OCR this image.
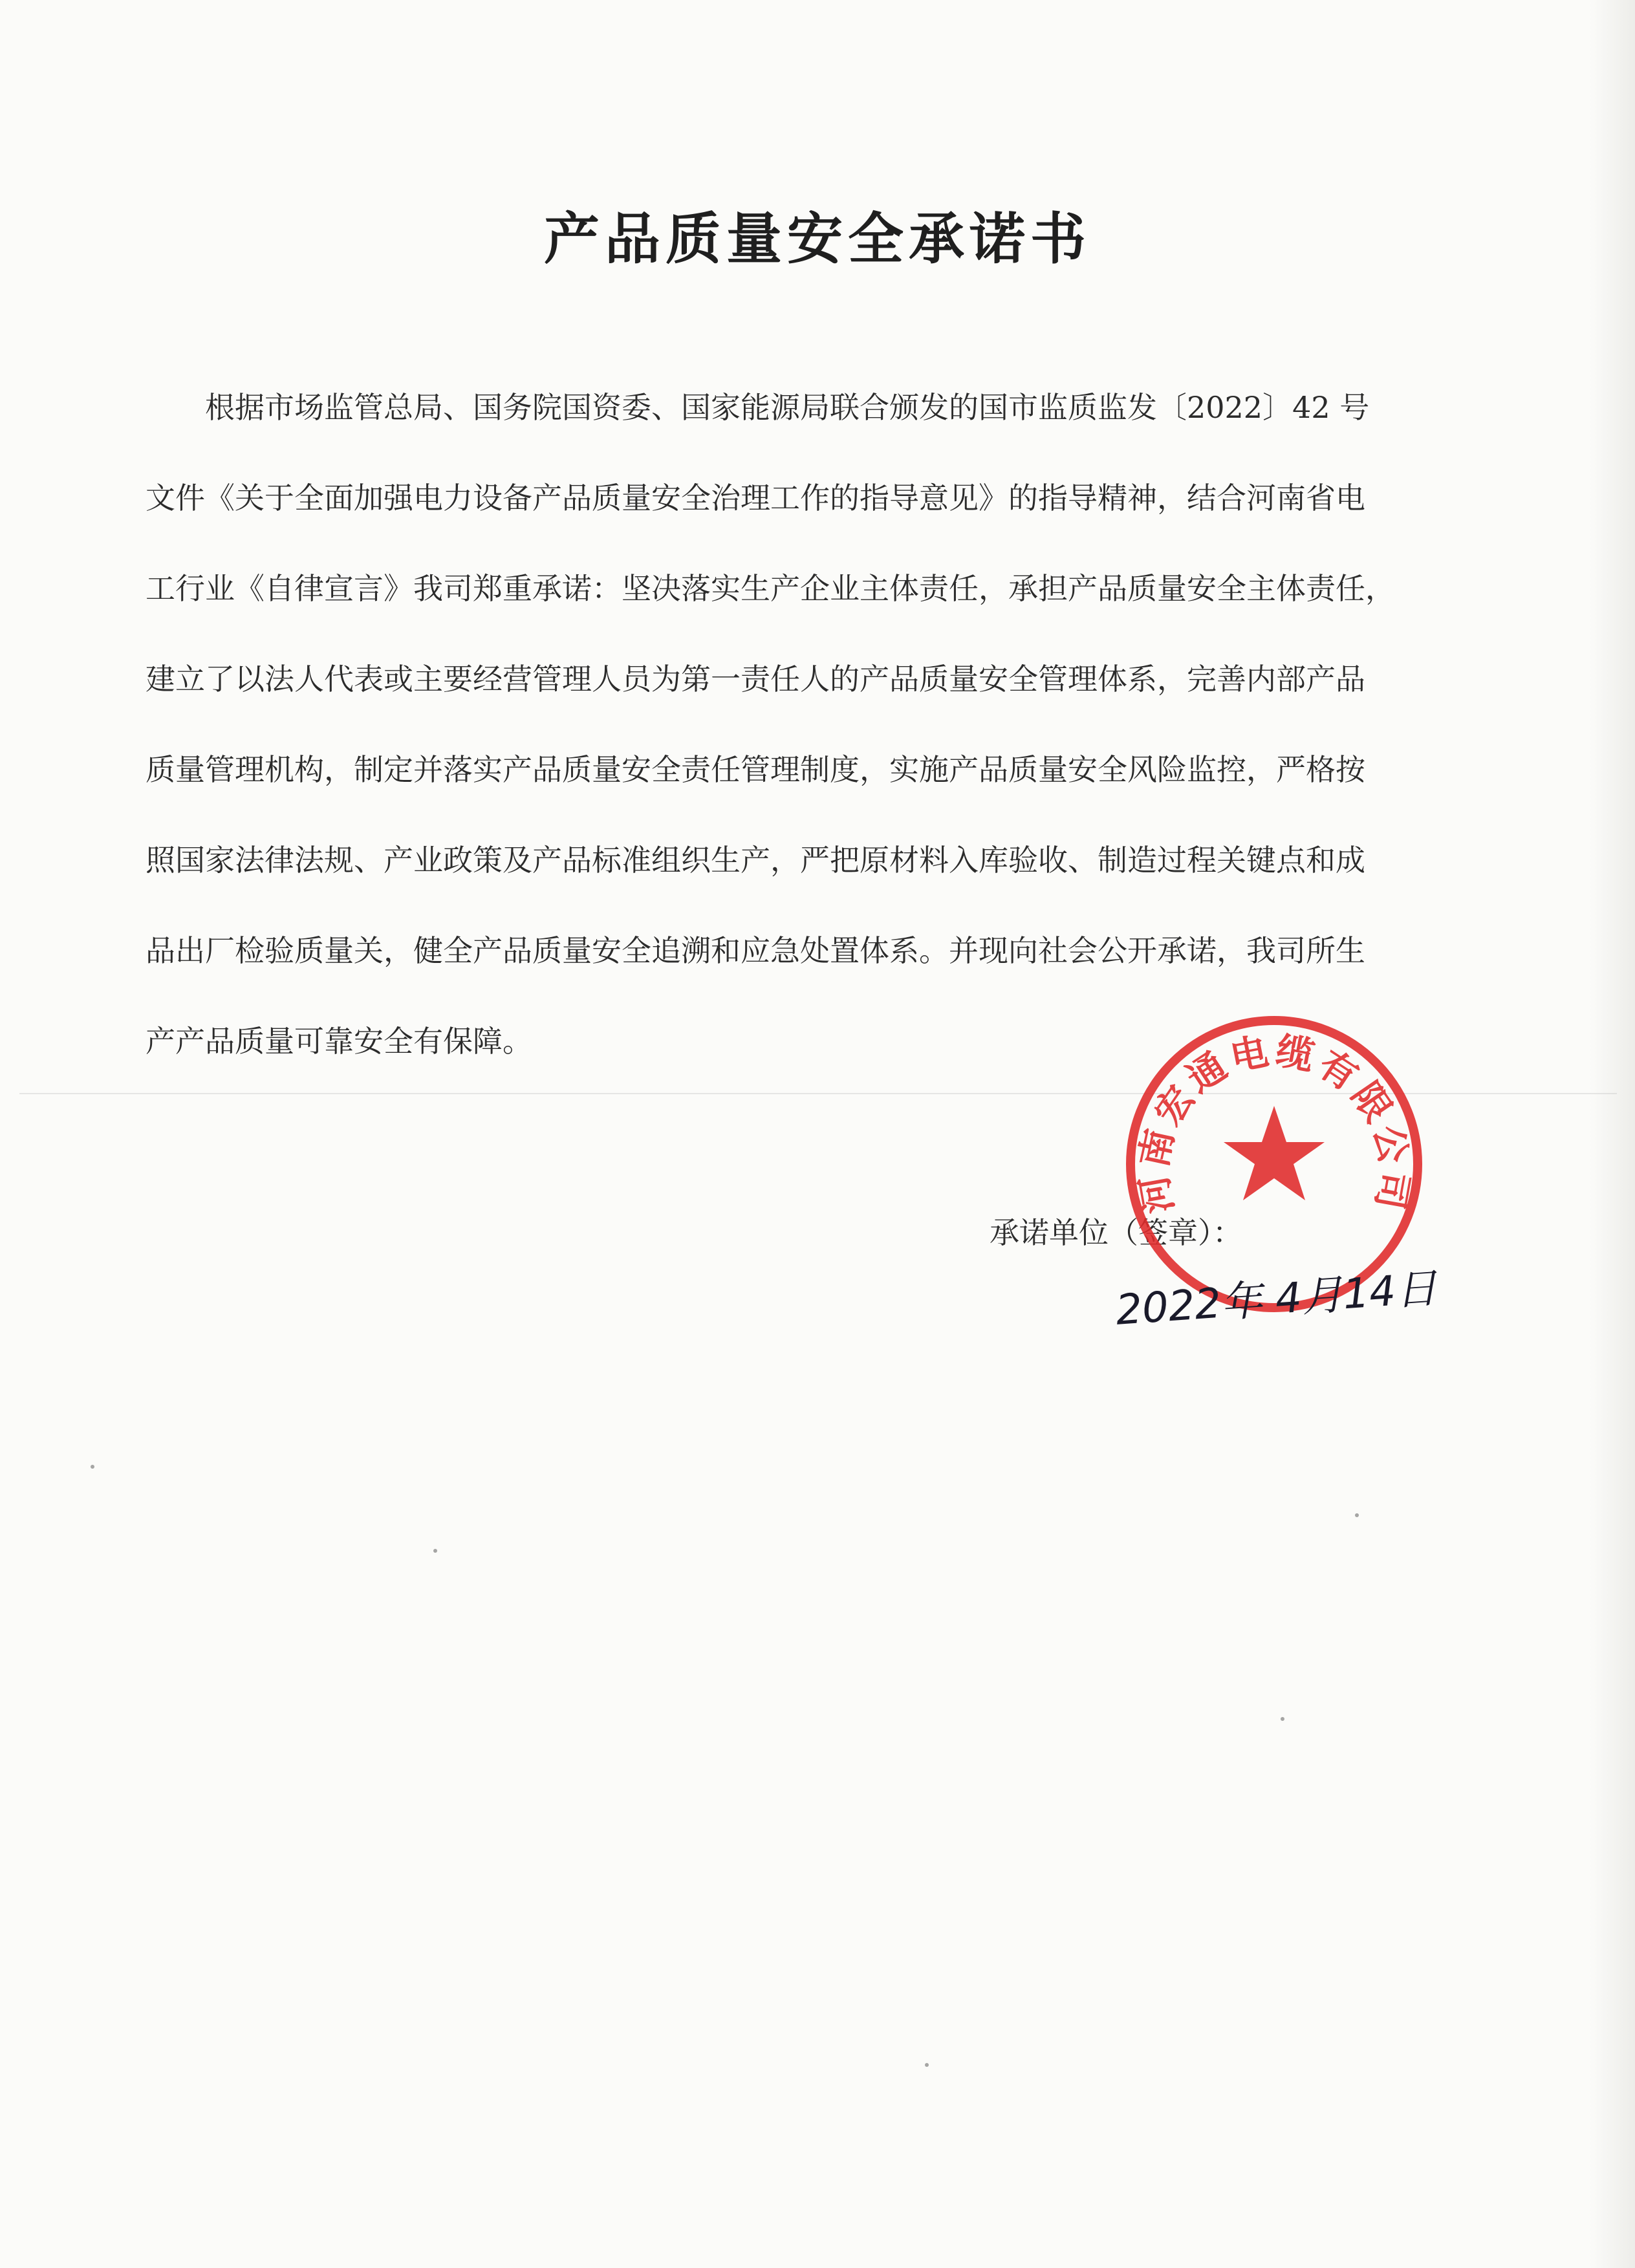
产品质量安全承诺书

根据市场监管总局、国务院国资委、国家能源局联合颁发的国市监质监发〔2022〕42 号
文件《关于全面加强电力设备产品质量安全治理工作的指导意见》的指导精神，结合河南省电
工行业《自律宣言》我司郑重承诺：坚决落实生产企业主体责任，承担产品质量安全主体责任，
建立了以法人代表或主要经营管理人员为第一责任人的产品质量安全管理体系，完善内部产品
质量管理机构，制定并落实产品质量安全责任管理制度，实施产品质量安全风险监控，严格按
照国家法律法规、产业政策及产品标准组织生产，严把原材料入库验收、制造过程关键点和成
品出厂检验质量关，健全产品质量安全追溯和应急处置体系。并现向社会公开承诺，我司所生
产产品质量可靠安全有保障。

承诺单位（签章）：
河南宏通电缆有限公司
2022年 4月14日
